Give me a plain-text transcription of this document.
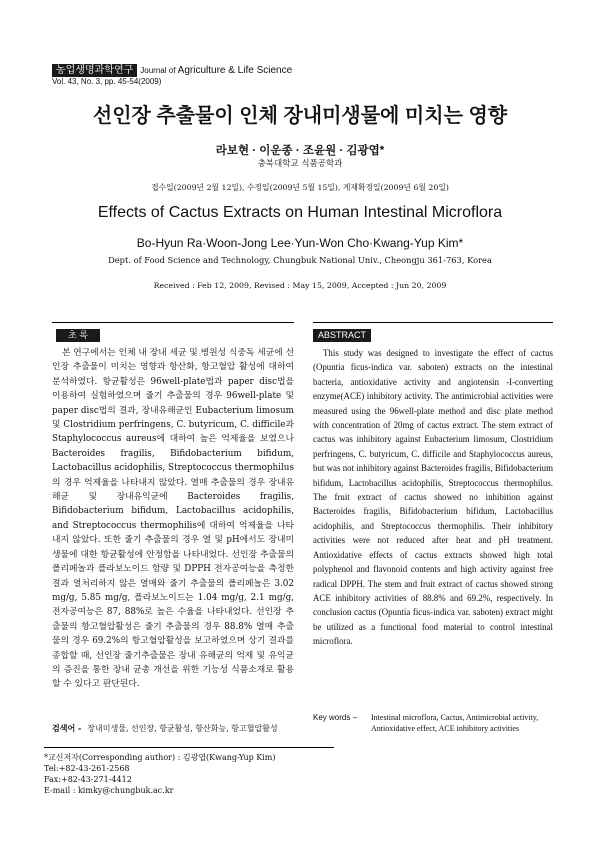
농업생명과학연구 Journal of Agriculture & Life Science
Vol. 43, No. 3, pp. 45-54(2009)
선인장 추출물이 인체 장내미생물에 미치는 영향
라보현 · 이운종 · 조윤원 · 김광엽*
충북대학교 식품공학과
접수일(2009년 2월 12일), 수정일(2009년 5월 15일), 게재확정일(2009년 6월 20일)
Effects of Cactus Extracts on Human Intestinal Microflora
Bo-Hyun Ra·Woon-Jong Lee·Yun-Won Cho·Kwang-Yup Kim*
Dept. of Food Science and Technology, Chungbuk National Univ., Cheongju 361-763, Korea
Received : Feb 12, 2009, Revised : May 15, 2009, Accepted : Jun 20, 2009
초 록	ABSTRACT

본 연구에서는 인체 내 장내 세균 및 병원성 식중독 세균에 선인장 추출물이 미치는 영향과 항산화, 항고혈압 활성에 대하여 분석하였다. 항균활성은 96well-plate법과 paper disc법을 이용하여 실험하였으며 줄기 추출물의 경우 96well-plate 및 paper disc법의 결과, 장내유해균인 Eubacterium limosum 및 Clostridium perfringens, C. butyricum, C. difficile과 Staphylococcus aureus에 대하여 높은 억제율을 보였으나 Bacteroides fragilis, Bifidobacterium bifidum, Lactobacillus acidophilis, Streptococcus thermophilus의 경우 억제율을 나타내지 않았다. 열매 추출물의 경우 장내유해균 및 장내유익균에 Bacteroides fragilis, Bifidobacterium bifidum, Lactobacillus acidophilis, and Streptococcus thermophilis에 대하여 억제율을 나타내지 않았다. 또한 줄기 추출물의 경우 열 및 pH에서도 장내미생물에 대한 항균활성에 안정함을 나타내었다. 선인장 추출물의 폴리페놀과 플라보노이드 함량 및 DPPH 전자공여능을 측정한 결과 열처리하지 않은 열매와 줄기 추출물의 폴리페놀은 3.02 mg/g, 5.85 mg/g, 플라보노이드는 1.04 mg/g, 2.1 mg/g, 전자공여능은 87, 88%로 높은 수율을 나타내었다. 선인장 추출물의 항고혈압활성은 줄기 추출물의 경우 88.8% 열매 추출물의 경우 69.2%의 항고혈압활성을 보고하였으며 상기 결과를 종합할 때, 선인장 줄기추출물은 장내 유해균의 억제 및 유익균의 증진을 통한 장내 균총 개선을 위한 기능성 식품소재로 활용할 수 있다고 판단된다.

This study was designed to investigate the effect of cactus (Opuntia ficus-indica var. saboten) extracts on the intestinal bacteria, antioxidative activity and angiotensin -I-converting enzyme(ACE) inhibitory activity. The antimicrobial activities were measured using the 96well-plate method and disc plate method with concentration of 20mg of cactus extract. The stem extract of cactus was inhibitory against Eubacterium limosum, Clostridium perfringens, C. butyricum, C. difficile and Staphylococcus aureus, but was not inhibitory against Bacteroides fragilis, Bifidobacterium bifidum, Lactobacillus acidophilis, Streptococcus thermophilus. The fruit extract of cactus showed no inhibition against Bacteroides fragilis, Bifidobacterium bifidum, Lactobacillus acidophilis, and Streptococcus thermophilis. Their inhibitory activities were not reduced after heat and pH treatment. Antioxidative effects of cactus extracts showed high total polyphenol and flavonoid contents and high activity against free radical DPPH. The stem and fruit extract of cactus showed strong ACE inhibitory activities of 88.8% and 69.2%, respectively. In conclusion cactus (Opuntia ficus-indica var. saboten) extract might be utilized as a functional food material to control intestinal microflora.

검색어 - 장내미생물, 선인장, 항균활성, 항산화능, 항고혈압활성
Key words –	Intestinal microflora, Cactus, Antimicrobial activity, Antioxidative effect, ACE inhibitory activities
*교신저자(Corresponding author) : 김광엽(Kwang-Yup Kim)
Tel:+82-43-261-2568
Fax:+82-43-271-4412
E-mail : kimky@chungbuk.ac.kr
